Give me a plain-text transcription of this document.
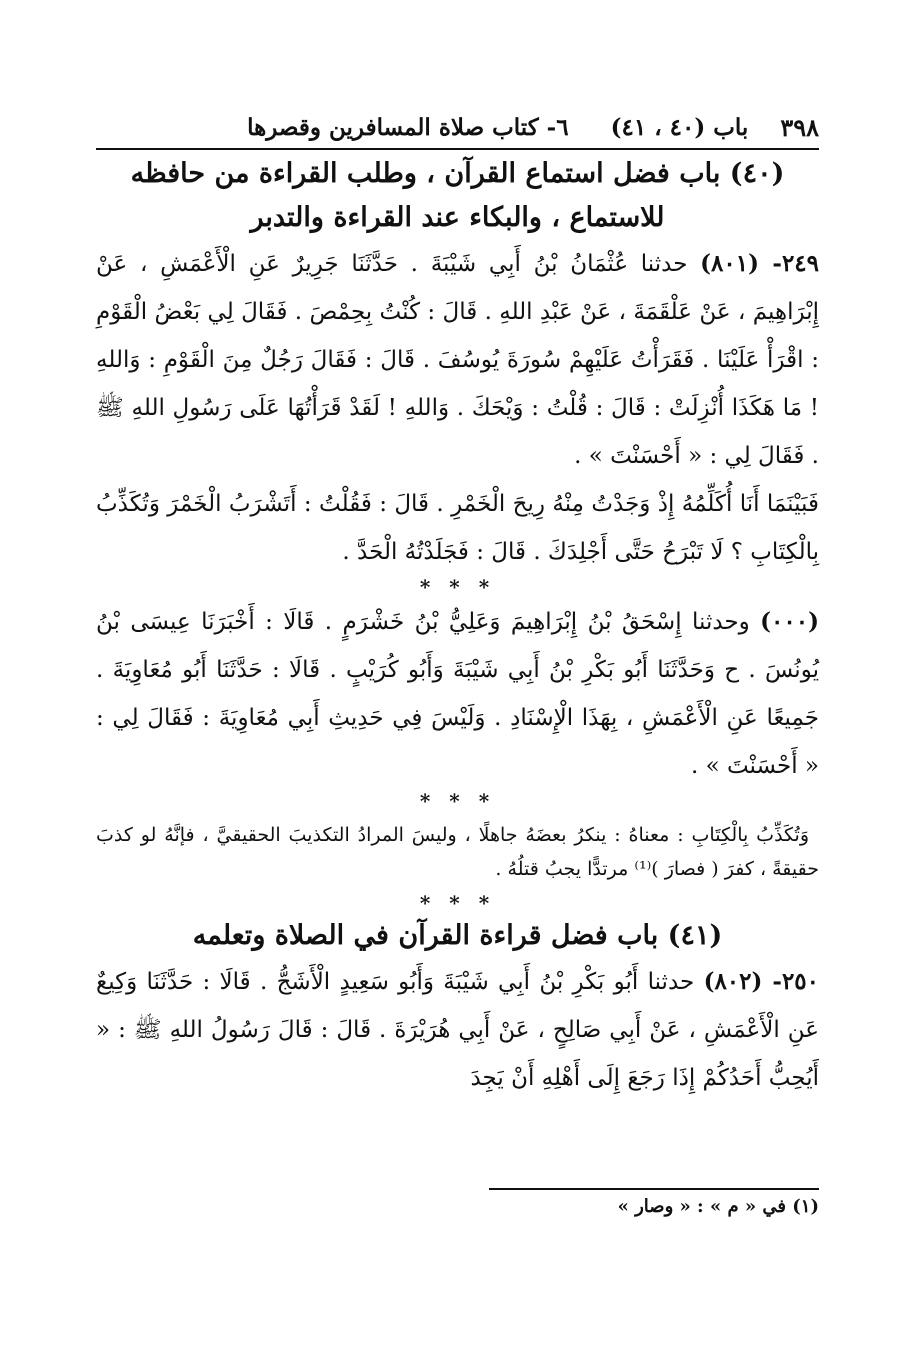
٣٩٨
باب (٤٠ ، ٤١)
٦- كتاب صلاة المسافرين وقصرها
(٤٠) باب فضل استماع القرآن ، وطلب القراءة من حافظه للاستماع ، والبكاء عند القراءة والتدبر

٢٤٩- (٨٠١) حدثنا عُثْمَانُ بْنُ أَبِي شَيْبَةَ . حَدَّثَنَا جَرِيرٌ عَنِ الْأَعْمَشِ ، عَنْ إِبْرَاهِيمَ ، عَنْ عَلْقَمَةَ ، عَنْ عَبْدِ اللهِ . قَالَ : كُنْتُ بِحِمْصَ . فَقَالَ لِي بَعْضُ الْقَوْمِ : اقْرَأْ عَلَيْنَا . فَقَرَأْتُ عَلَيْهِمْ سُورَةَ يُوسُفَ . قَالَ : فَقَالَ رَجُلٌ مِنَ الْقَوْمِ : وَاللهِ ! مَا هَكَذَا أُنْزِلَتْ : قَالَ : قُلْتُ : وَيْحَكَ . وَاللهِ ! لَقَدْ قَرَأْتُهَا عَلَى رَسُولِ اللهِ ﷺ . فَقَالَ لِي : « أَحْسَنْتَ » .

فَبَيْنَمَا أَنَا أُكَلِّمُهُ إِذْ وَجَدْتُ مِنْهُ رِيحَ الْخَمْرِ . قَالَ : فَقُلْتُ : أَتَشْرَبُ الْخَمْرَ وَتُكَذِّبُ بِالْكِتَابِ ؟ لَا تَبْرَحُ حَتَّى أَجْلِدَكَ . قَالَ : فَجَلَدْتُهُ الْحَدَّ .

* * *

(٠٠٠) وحدثنا إِسْحَقُ بْنُ إِبْرَاهِيمَ وَعَلِيُّ بْنُ خَشْرَمٍ . قَالَا : أَخْبَرَنَا عِيسَى بْنُ يُونُسَ . ح وَحَدَّثَنَا أَبُو بَكْرِ بْنُ أَبِي شَيْبَةَ وَأَبُو كُرَيْبٍ . قَالَا : حَدَّثَنَا أَبُو مُعَاوِيَةَ . جَمِيعًا عَنِ الْأَعْمَشِ ، بِهَذَا الْإِسْنَادِ . وَلَيْسَ فِي حَدِيثِ أَبِي مُعَاوِيَةَ : فَقَالَ لِي : « أَحْسَنْتَ » .

* * *

وَتُكَذِّبُ بِالْكِتَابِ : معناهُ : ينكرُ بعضَهُ جاهلًا ، وليسَ المرادُ التكذيبَ الحقيقيَّ ، فإنَّهُ لو كذبَ حقيقةً ، كفرَ ( فصارَ )⁽¹⁾ مرتدًّا يجبُ قتلُهُ .

* * *
(٤١) باب فضل قراءة القرآن في الصلاة وتعلمه

٢٥٠- (٨٠٢) حدثنا أَبُو بَكْرِ بْنُ أَبِي شَيْبَةَ وَأَبُو سَعِيدٍ الْأَشَجُّ . قَالَا : حَدَّثَنَا وَكِيعٌ عَنِ الْأَعْمَشِ ، عَنْ أَبِي صَالِحٍ ، عَنْ أَبِي هُرَيْرَةَ . قَالَ : قَالَ رَسُولُ اللهِ ﷺ : « أَيُحِبُّ أَحَدُكُمْ إِذَا رَجَعَ إِلَى أَهْلِهِ أَنْ يَجِدَ

(١) في « م » : « وصار »
